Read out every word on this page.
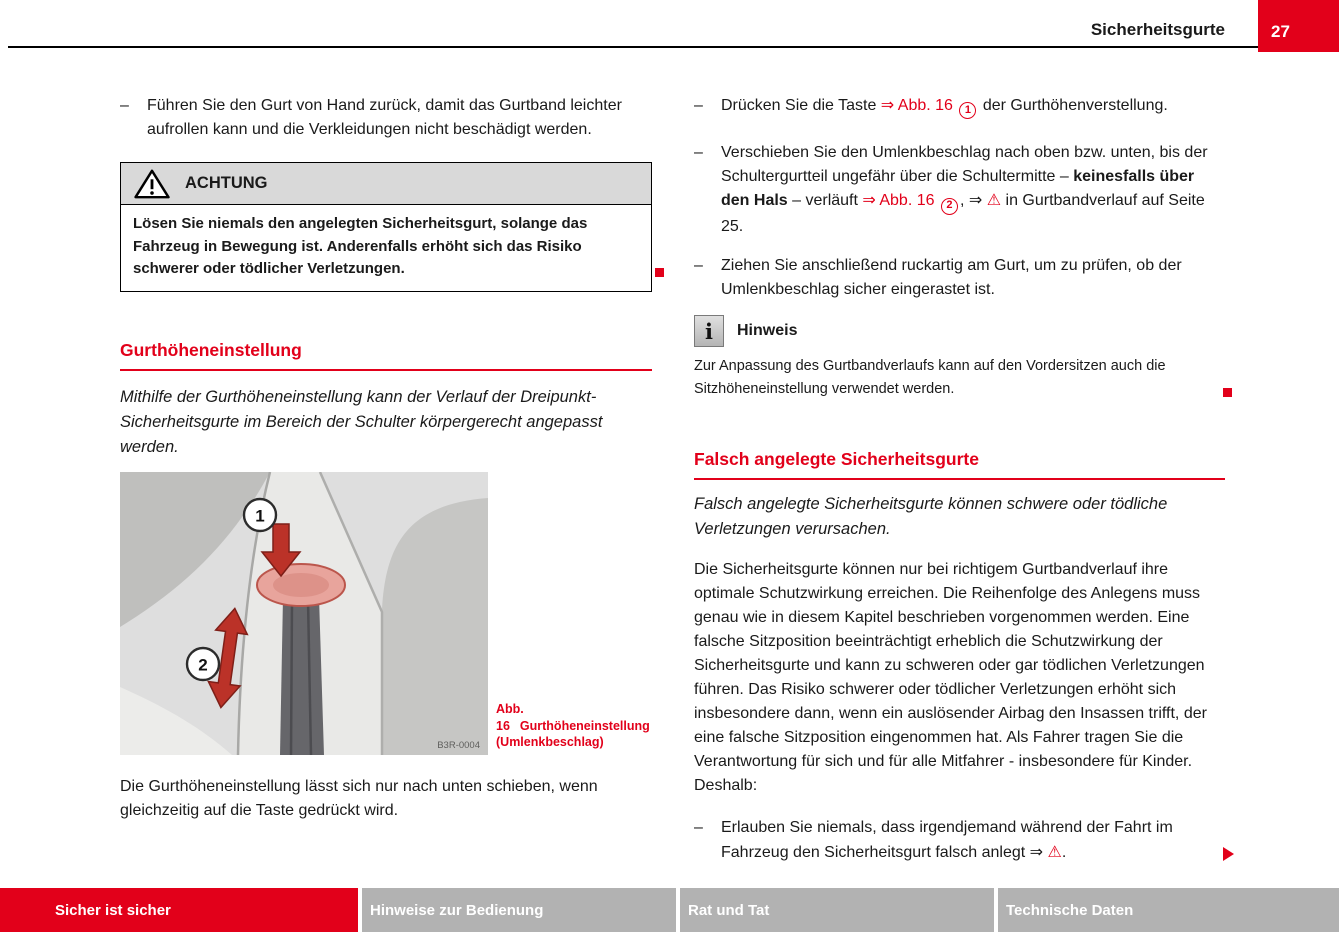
Sicherheitsgurte	27
–
Führen Sie den Gurt von Hand zurück, damit das Gurtband leichter aufrollen kann und die Verkleidungen nicht beschädigt werden.
ACHTUNG
Lösen Sie niemals den angelegten Sicherheitsgurt, solange das Fahrzeug in Bewegung ist. Anderenfalls erhöht sich das Risiko schwerer oder tödlicher Verletzungen.
Gurthöheneinstellung
Mithilfe der Gurthöheneinstellung kann der Verlauf der Dreipunkt-Sicherheitsgurte im Bereich der Schulter körpergerecht angepasst werden.
1
2
B3R-0004
Abb. 16 Gurthöheneinstellung (Umlenkbeschlag)
Die Gurthöheneinstellung lässt sich nur nach unten schieben, wenn gleichzeitig auf die Taste gedrückt wird.
–
Drücken Sie die Taste ⇒ Abb. 16 1 der Gurthöhenverstellung.
–
Verschieben Sie den Umlenkbeschlag nach oben bzw. unten, bis der Schultergurtteil ungefähr über die Schultermitte – keinesfalls über den Hals – verläuft ⇒ Abb. 16 2 , ⇒ ⚠ in Gurtbandverlauf auf Seite 25.
–
Ziehen Sie anschließend ruckartig am Gurt, um zu prüfen, ob der Umlenkbeschlag sicher eingerastet ist.
i
Hinweis
Zur Anpassung des Gurtbandverlaufs kann auf den Vordersitzen auch die Sitzhöheneinstellung verwendet werden.
Falsch angelegte Sicherheitsgurte
Falsch angelegte Sicherheitsgurte können schwere oder tödliche Verletzungen verursachen.
Die Sicherheitsgurte können nur bei richtigem Gurtbandverlauf ihre optimale Schutzwirkung erreichen. Die Reihenfolge des Anlegens muss genau wie in diesem Kapitel beschrieben vorgenommen werden. Eine falsche Sitzposition beeinträchtigt erheblich die Schutzwirkung der Sicherheitsgurte und kann zu schweren oder gar tödlichen Verletzungen führen. Das Risiko schwerer oder tödlicher Verletzungen erhöht sich insbesondere dann, wenn ein auslösender Airbag den Insassen trifft, der eine falsche Sitzposition eingenommen hat. Als Fahrer tragen Sie die Verantwortung für sich und für alle Mitfahrer - insbesondere für Kinder. Deshalb:
–
Erlauben Sie niemals, dass irgendjemand während der Fahrt im Fahrzeug den Sicherheitsgurt falsch anlegt ⇒ ⚠.
Sicher ist sicher	Hinweise zur Bedienung	Rat und Tat	Technische Daten
